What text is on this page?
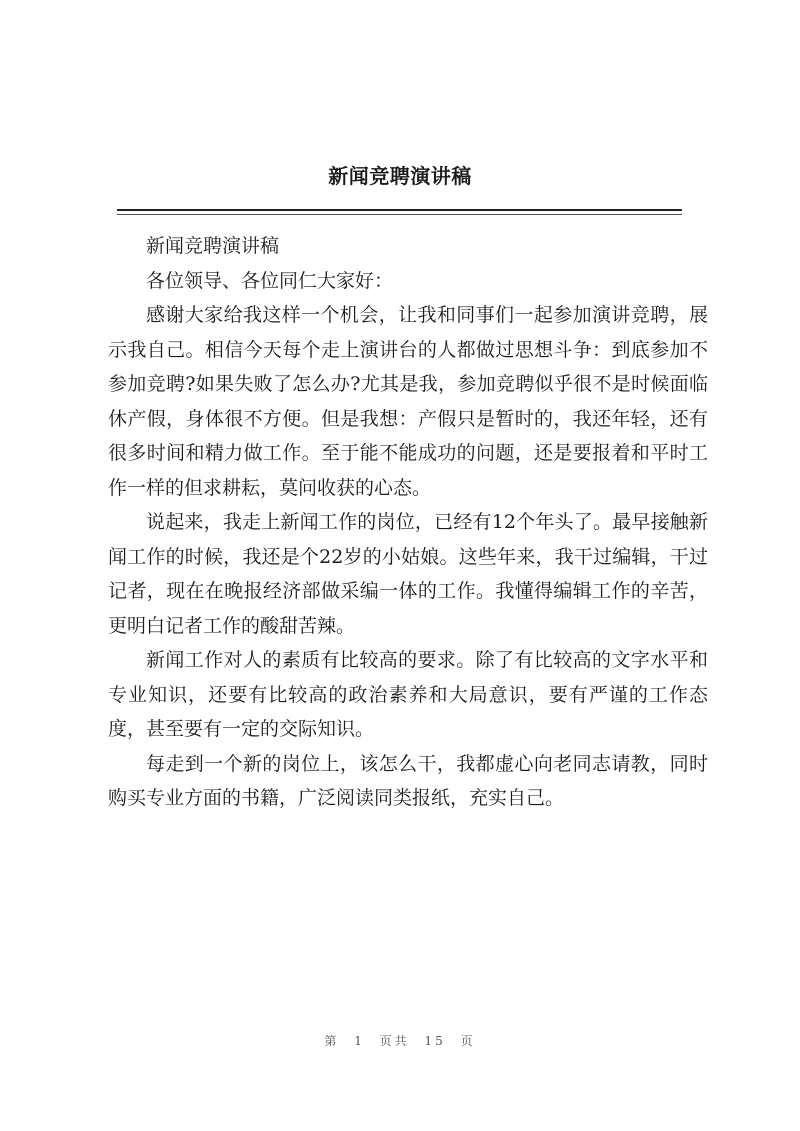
新闻竞聘演讲稿

新闻竞聘演讲稿

各位领导、各位同仁大家好：

感谢大家给我这样一个机会，让我和同事们一起参加演讲竞聘，展示我自己。相信今天每个走上演讲台的人都做过思想斗争：到底参加不参加竞聘?如果失败了怎么办?尤其是我，参加竞聘似乎很不是时候面临休产假，身体很不方便。但是我想：产假只是暂时的，我还年轻，还有很多时间和精力做工作。至于能不能成功的问题，还是要报着和平时工作一样的但求耕耘，莫问收获的心态。

说起来，我走上新闻工作的岗位，已经有12个年头了。最早接触新闻工作的时候，我还是个22岁的小姑娘。这些年来，我干过编辑，干过记者，现在在晚报经济部做采编一体的工作。我懂得编辑工作的辛苦，更明白记者工作的酸甜苦辣。

新闻工作对人的素质有比较高的要求。除了有比较高的文字水平和专业知识，还要有比较高的政治素养和大局意识，要有严谨的工作态度，甚至要有一定的交际知识。

每走到一个新的岗位上，该怎么干，我都虚心向老同志请教，同时购买专业方面的书籍，广泛阅读同类报纸，充实自己。

第 1 页共 15 页
